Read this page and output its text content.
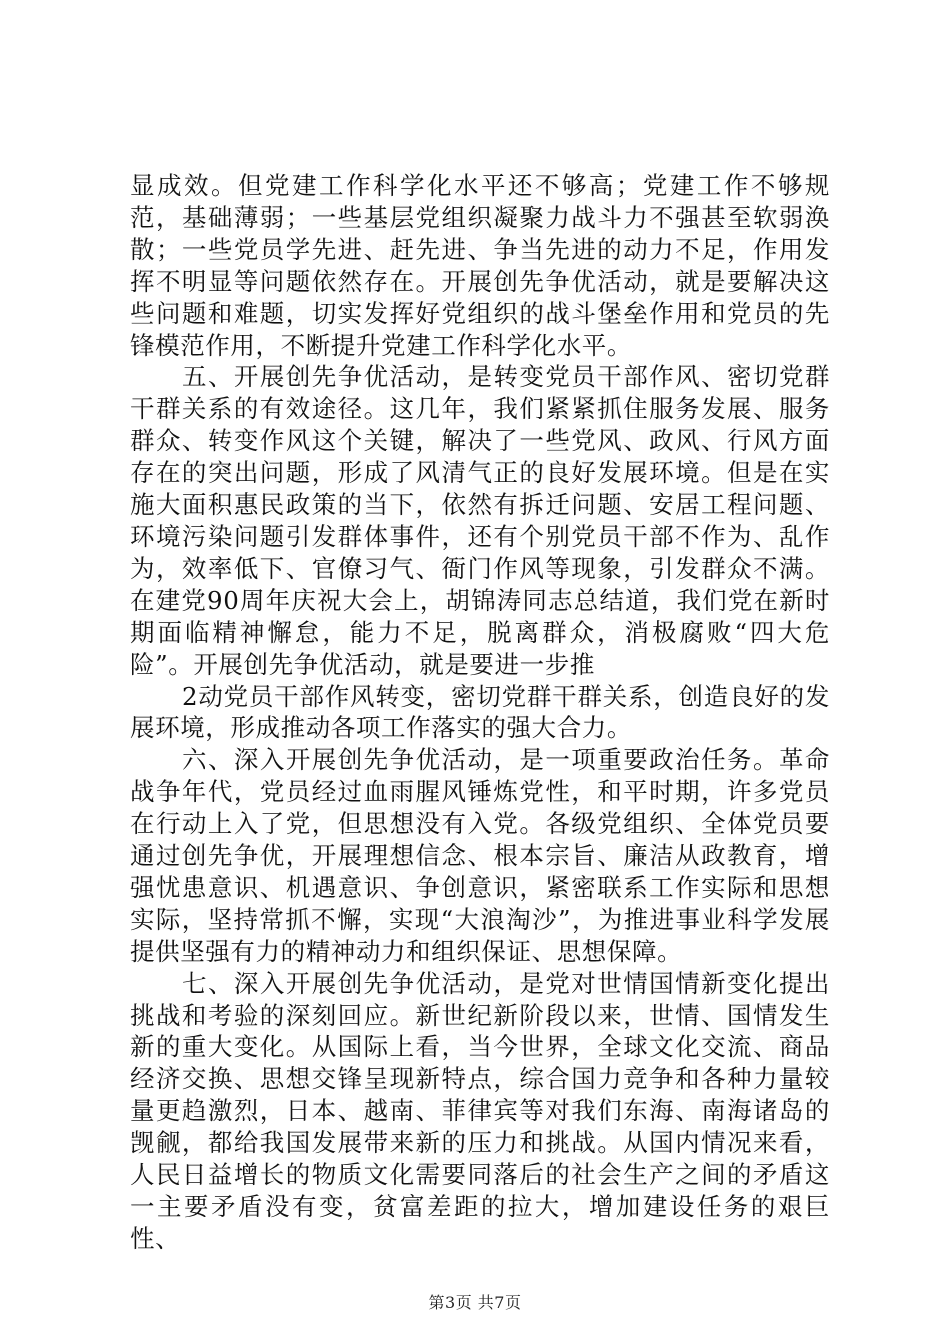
显成效。但党建工作科学化水平还不够高；党建工作不够规范，基础薄弱；一些基层党组织凝聚力战斗力不强甚至软弱涣散；一些党员学先进、赶先进、争当先进的动力不足，作用发挥不明显等问题依然存在。开展创先争优活动，就是要解决这些问题和难题，切实发挥好党组织的战斗堡垒作用和党员的先锋模范作用，不断提升党建工作科学化水平。

五、开展创先争优活动，是转变党员干部作风、密切党群干群关系的有效途径。这几年，我们紧紧抓住服务发展、服务群众、转变作风这个关键，解决了一些党风、政风、行风方面存在的突出问题，形成了风清气正的良好发展环境。但是在实施大面积惠民政策的当下，依然有拆迁问题、安居工程问题、环境污染问题引发群体事件，还有个别党员干部不作为、乱作为，效率低下、官僚习气、衙门作风等现象，引发群众不满。在建党90周年庆祝大会上，胡锦涛同志总结道，我们党在新时期面临精神懈怠，能力不足，脱离群众，消极腐败“四大危险”。开展创先争优活动，就是要进一步推

2动党员干部作风转变，密切党群干群关系，创造良好的发展环境，形成推动各项工作落实的强大合力。

六、深入开展创先争优活动，是一项重要政治任务。革命战争年代，党员经过血雨腥风锤炼党性，和平时期，许多党员在行动上入了党，但思想没有入党。各级党组织、全体党员要通过创先争优，开展理想信念、根本宗旨、廉洁从政教育，增强忧患意识、机遇意识、争创意识，紧密联系工作实际和思想实际，坚持常抓不懈，实现“大浪淘沙”，为推进事业科学发展提供坚强有力的精神动力和组织保证、思想保障。

七、深入开展创先争优活动，是党对世情国情新变化提出挑战和考验的深刻回应。新世纪新阶段以来，世情、国情发生新的重大变化。从国际上看，当今世界，全球文化交流、商品经济交换、思想交锋呈现新特点，综合国力竞争和各种力量较量更趋激烈，日本、越南、菲律宾等对我们东海、南海诸岛的觊觎，都给我国发展带来新的压力和挑战。从国内情况来看，人民日益增长的物质文化需要同落后的社会生产之间的矛盾这一主要矛盾没有变，贫富差距的拉大，增加建设任务的艰巨性、

第3页 共7页
